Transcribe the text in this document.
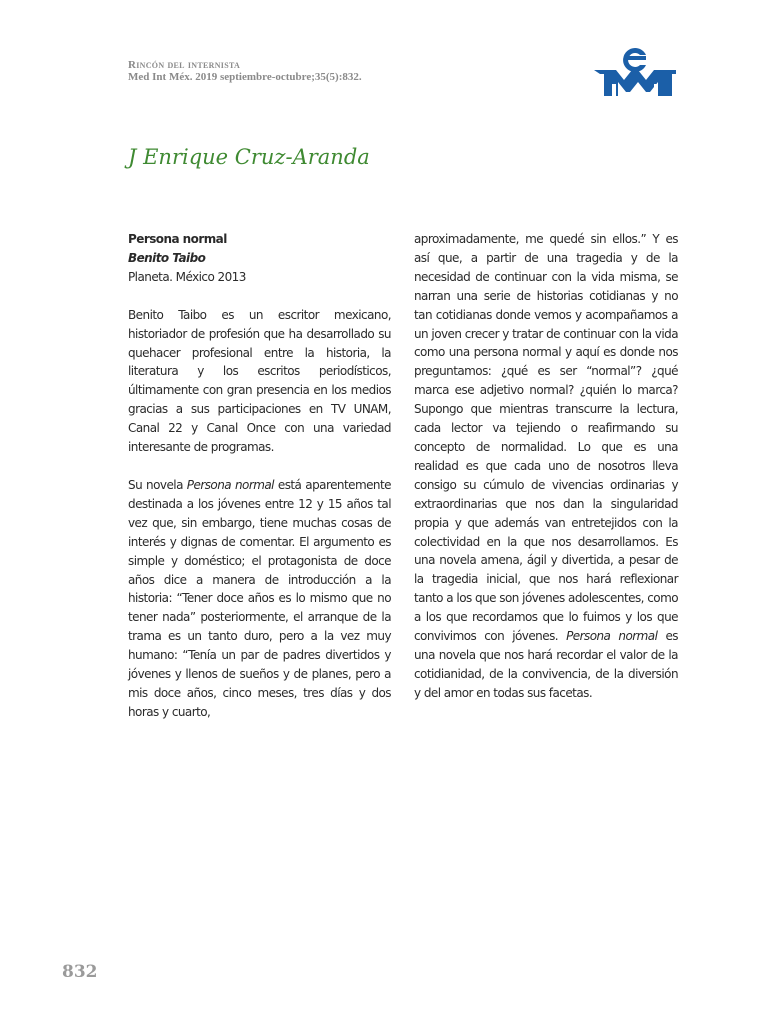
Rincón del internista
Med Int Méx. 2019 septiembre-octubre;35(5):832.
J Enrique Cruz-Aranda

Persona normal

Benito Taibo

Planeta. México 2013

Benito Taibo es un escritor mexicano, historiador de profesión que ha desarrollado su quehacer profesional entre la historia, la literatura y los escritos periodísticos, últimamente con gran presencia en los medios gracias a sus participaciones en TV UNAM, Canal 22 y Canal Once con una variedad interesante de programas.

Su novela Persona normal está aparentemente destinada a los jóvenes entre 12 y 15 años tal vez que, sin embargo, tiene muchas cosas de interés y dignas de comentar. El argumento es simple y doméstico; el protagonista de doce años dice a manera de introducción a la historia: “Tener doce años es lo mismo que no tener nada” posteriormente, el arranque de la trama es un tanto duro, pero a la vez muy humano: “Tenía un par de padres divertidos y jóvenes y llenos de sueños y de planes, pero a mis doce años, cinco meses, tres días y dos horas y cuarto,

aproximadamente, me quedé sin ellos.” Y es así que, a partir de una tragedia y de la necesidad de continuar con la vida misma, se narran una serie de historias cotidianas y no tan cotidianas donde vemos y acompañamos a un joven crecer y tratar de continuar con la vida como una persona normal y aquí es donde nos preguntamos: ¿qué es ser “normal”? ¿qué marca ese adjetivo normal? ¿quién lo marca? Supongo que mientras transcurre la lectura, cada lector va tejiendo o reafirmando su concepto de normalidad. Lo que es una realidad es que cada uno de nosotros lleva consigo su cúmulo de vivencias ordinarias y extraordinarias que nos dan la singularidad propia y que además van entretejidos con la colectividad en la que nos desarrollamos. Es una novela amena, ágil y divertida, a pesar de la tragedia inicial, que nos hará reflexionar tanto a los que son jóvenes adolescentes, como a los que recordamos que lo fuimos y los que convivimos con jóvenes. Persona normal es una novela que nos hará recordar el valor de la cotidianidad, de la convivencia, de la diversión y del amor en todas sus facetas.

832
